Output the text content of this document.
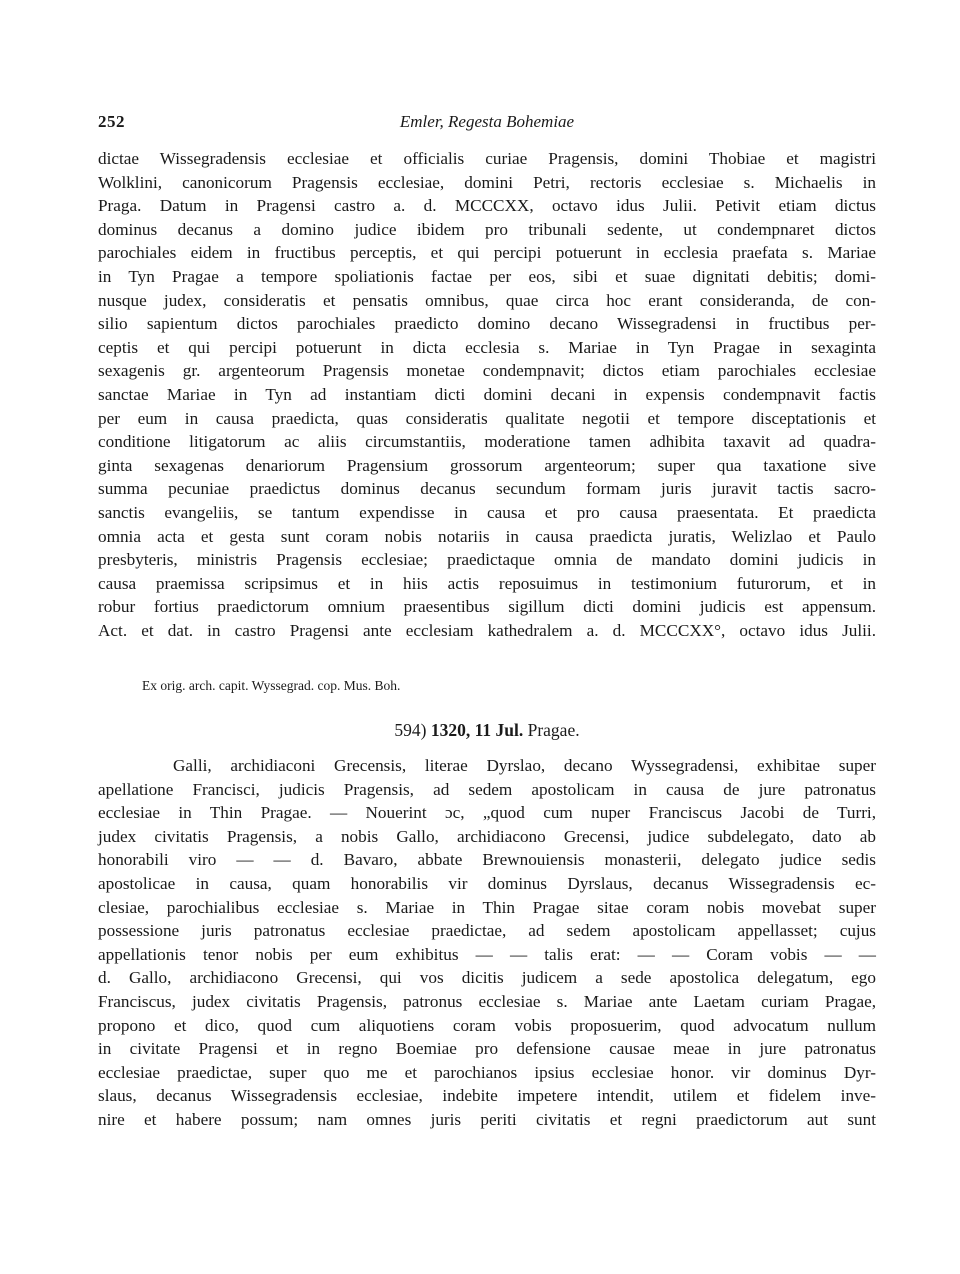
252	Emler, Regesta Bohemiae
dictae Wissegradensis ecclesiae et officialis curiae Pragensis, domini Thobiae et magistri
Wolklini, canonicorum Pragensis ecclesiae, domini Petri, rectoris ecclesiae s. Michaelis in
Praga. Datum in Pragensi castro a. d. MCCCXX, octavo idus Julii. Petivit etiam dictus
dominus decanus a domino judice ibidem pro tribunali sedente, ut condempnaret dictos
parochiales eidem in fructibus perceptis, et qui percipi potuerunt in ecclesia praefata s. Mariae
in Tyn Pragae a tempore spoliationis factae per eos, sibi et suae dignitati debitis; domi-
nusque judex, consideratis et pensatis omnibus, quae circa hoc erant consideranda, de con-
silio sapientum dictos parochiales praedicto domino decano Wissegradensi in fructibus per-
ceptis et qui percipi potuerunt in dicta ecclesia s. Mariae in Tyn Pragae in sexaginta
sexagenis gr. argenteorum Pragensis monetae condempnavit; dictos etiam parochiales ecclesiae
sanctae Mariae in Tyn ad instantiam dicti domini decani in expensis condempnavit factis
per eum in causa praedicta, quas consideratis qualitate negotii et tempore disceptationis et
conditione litigatorum ac aliis circumstantiis, moderatione tamen adhibita taxavit ad quadra-
ginta sexagenas denariorum Pragensium grossorum argenteorum; super qua taxatione sive
summa pecuniae praedictus dominus decanus secundum formam juris juravit tactis sacro-
sanctis evangeliis, se tantum expendisse in causa et pro causa praesentata. Et praedicta
omnia acta et gesta sunt coram nobis notariis in causa praedicta juratis, Welizlao et Paulo
presbyteris, ministris Pragensis ecclesiae; praedictaque omnia de mandato domini judicis in
causa praemissa scripsimus et in hiis actis reposuimus in testimonium futurorum, et in
robur fortius praedictorum omnium praesentibus sigillum dicti domini judicis est appensum.
Act. et dat. in castro Pragensi ante ecclesiam kathedralem a. d. MCCCXX°, octavo idus Julii.
Ex orig. arch. capit. Wyssegrad. cop. Mus. Boh.
594) 1320, 11 Jul. Pragae.
Galli, archidiaconi Grecensis, literae Dyrslao, decano Wyssegradensi, exhibitae super
apellatione Francisci, judicis Pragensis, ad sedem apostolicam in causa de jure patronatus
ecclesiae in Thin Pragae. — Nouerint ɔc, „quod cum nuper Franciscus Jacobi de Turri,
judex civitatis Pragensis, a nobis Gallo, archidiacono Grecensi, judice subdelegato, dato ab
honorabili viro — — d. Bavaro, abbate Brewnouiensis monasterii, delegato judice sedis
apostolicae in causa, quam honorabilis vir dominus Dyrslaus, decanus Wissegradensis ec-
clesiae, parochialibus ecclesiae s. Mariae in Thin Pragae sitae coram nobis movebat super
possessione juris patronatus ecclesiae praedictae, ad sedem apostolicam appellasset; cujus
appellationis tenor nobis per eum exhibitus — — talis erat: — — Coram vobis — —
d. Gallo, archidiacono Grecensi, qui vos dicitis judicem a sede apostolica delegatum, ego
Franciscus, judex civitatis Pragensis, patronus ecclesiae s. Mariae ante Laetam curiam Pragae,
propono et dico, quod cum aliquotiens coram vobis proposuerim, quod advocatum nullum
in civitate Pragensi et in regno Boemiae pro defensione causae meae in jure patronatus
ecclesiae praedictae, super quo me et parochianos ipsius ecclesiae honor. vir dominus Dyr-
slaus, decanus Wissegradensis ecclesiae, indebite impetere intendit, utilem et fidelem inve-
nire et habere possum; nam omnes juris periti civitatis et regni praedictorum aut sunt
